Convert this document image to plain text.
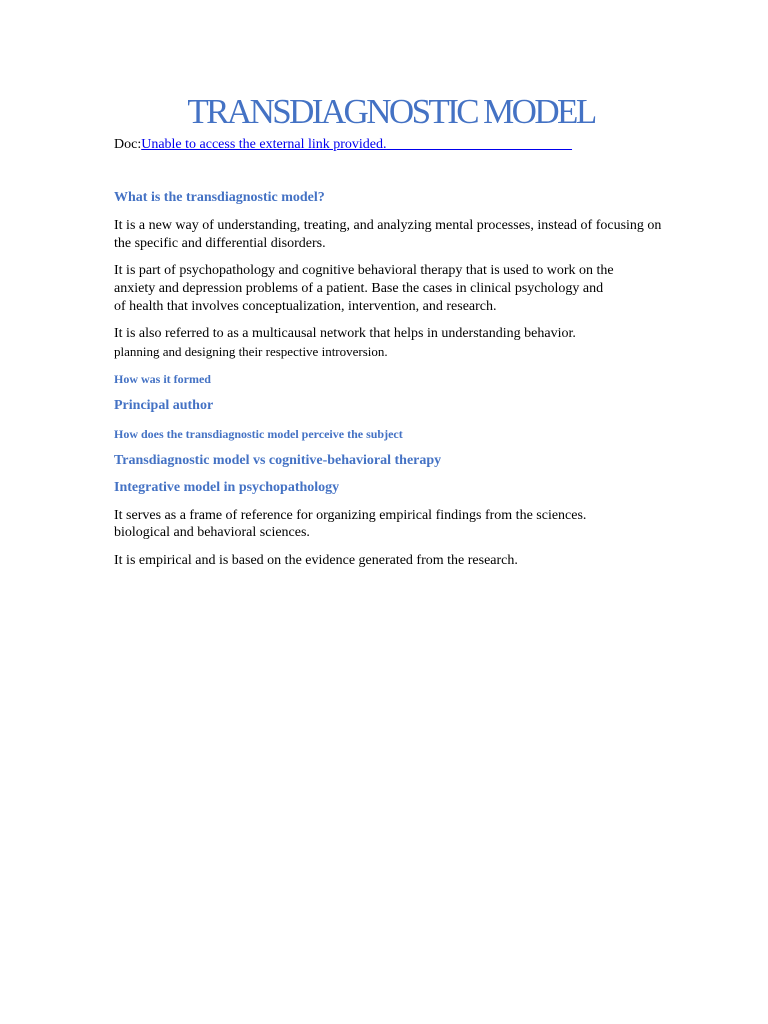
TRANSDIAGNOSTIC MODEL
Doc:Unable to access the external link provided.​
What is the transdiagnostic model?
It is a new way of understanding, treating, and analyzing mental processes, instead of focusing on
the specific and differential disorders.
It is part of psychopathology and cognitive behavioral therapy that is used to work on the
anxiety and depression problems of a patient. Base the cases in clinical psychology and
of health that involves conceptualization, intervention, and research.
It is also referred to as a multicausal network that helps in understanding behavior.
planning and designing their respective introversion.
How was it formed
Principal author
How does the transdiagnostic model perceive the subject
Transdiagnostic model vs cognitive-behavioral therapy
Integrative model in psychopathology
It serves as a frame of reference for organizing empirical findings from the sciences.
biological and behavioral sciences.
It is empirical and is based on the evidence generated from the research.
